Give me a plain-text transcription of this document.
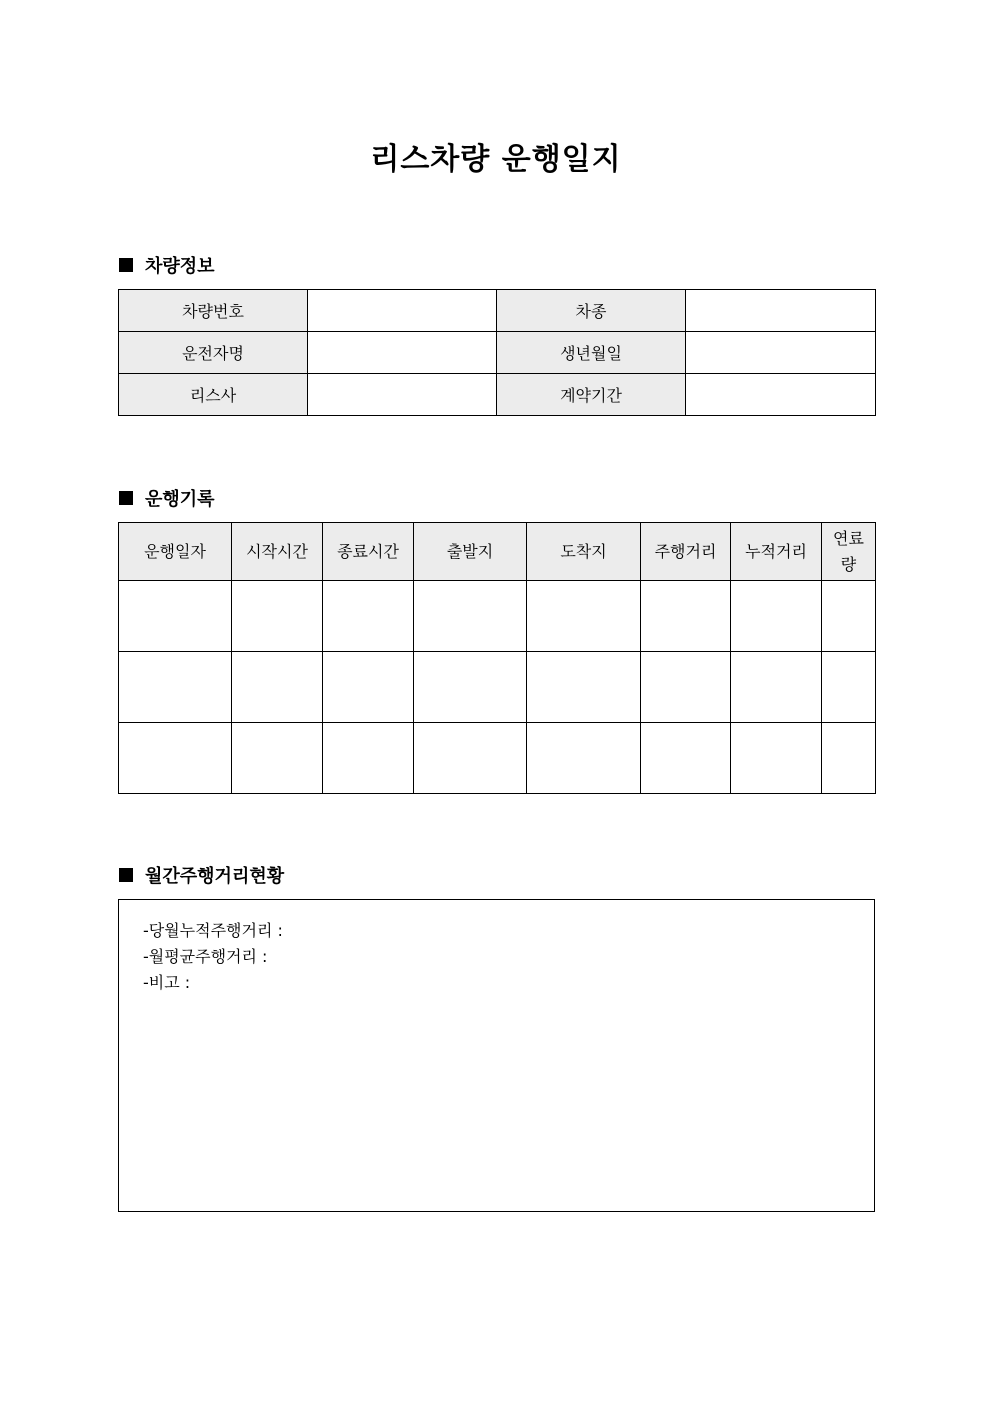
리스차량 운행일지
차량정보
차량번호		차종	
운전자명		생년월일	
리스사		계약기간	
운행기록
운행일자	시작시간	종료시간	출발지	도착지	주행거리	누적거리	연료
량

월간주행거리현황
-당월누적주행거리 :
-월평균주행거리 :
-비고 :
